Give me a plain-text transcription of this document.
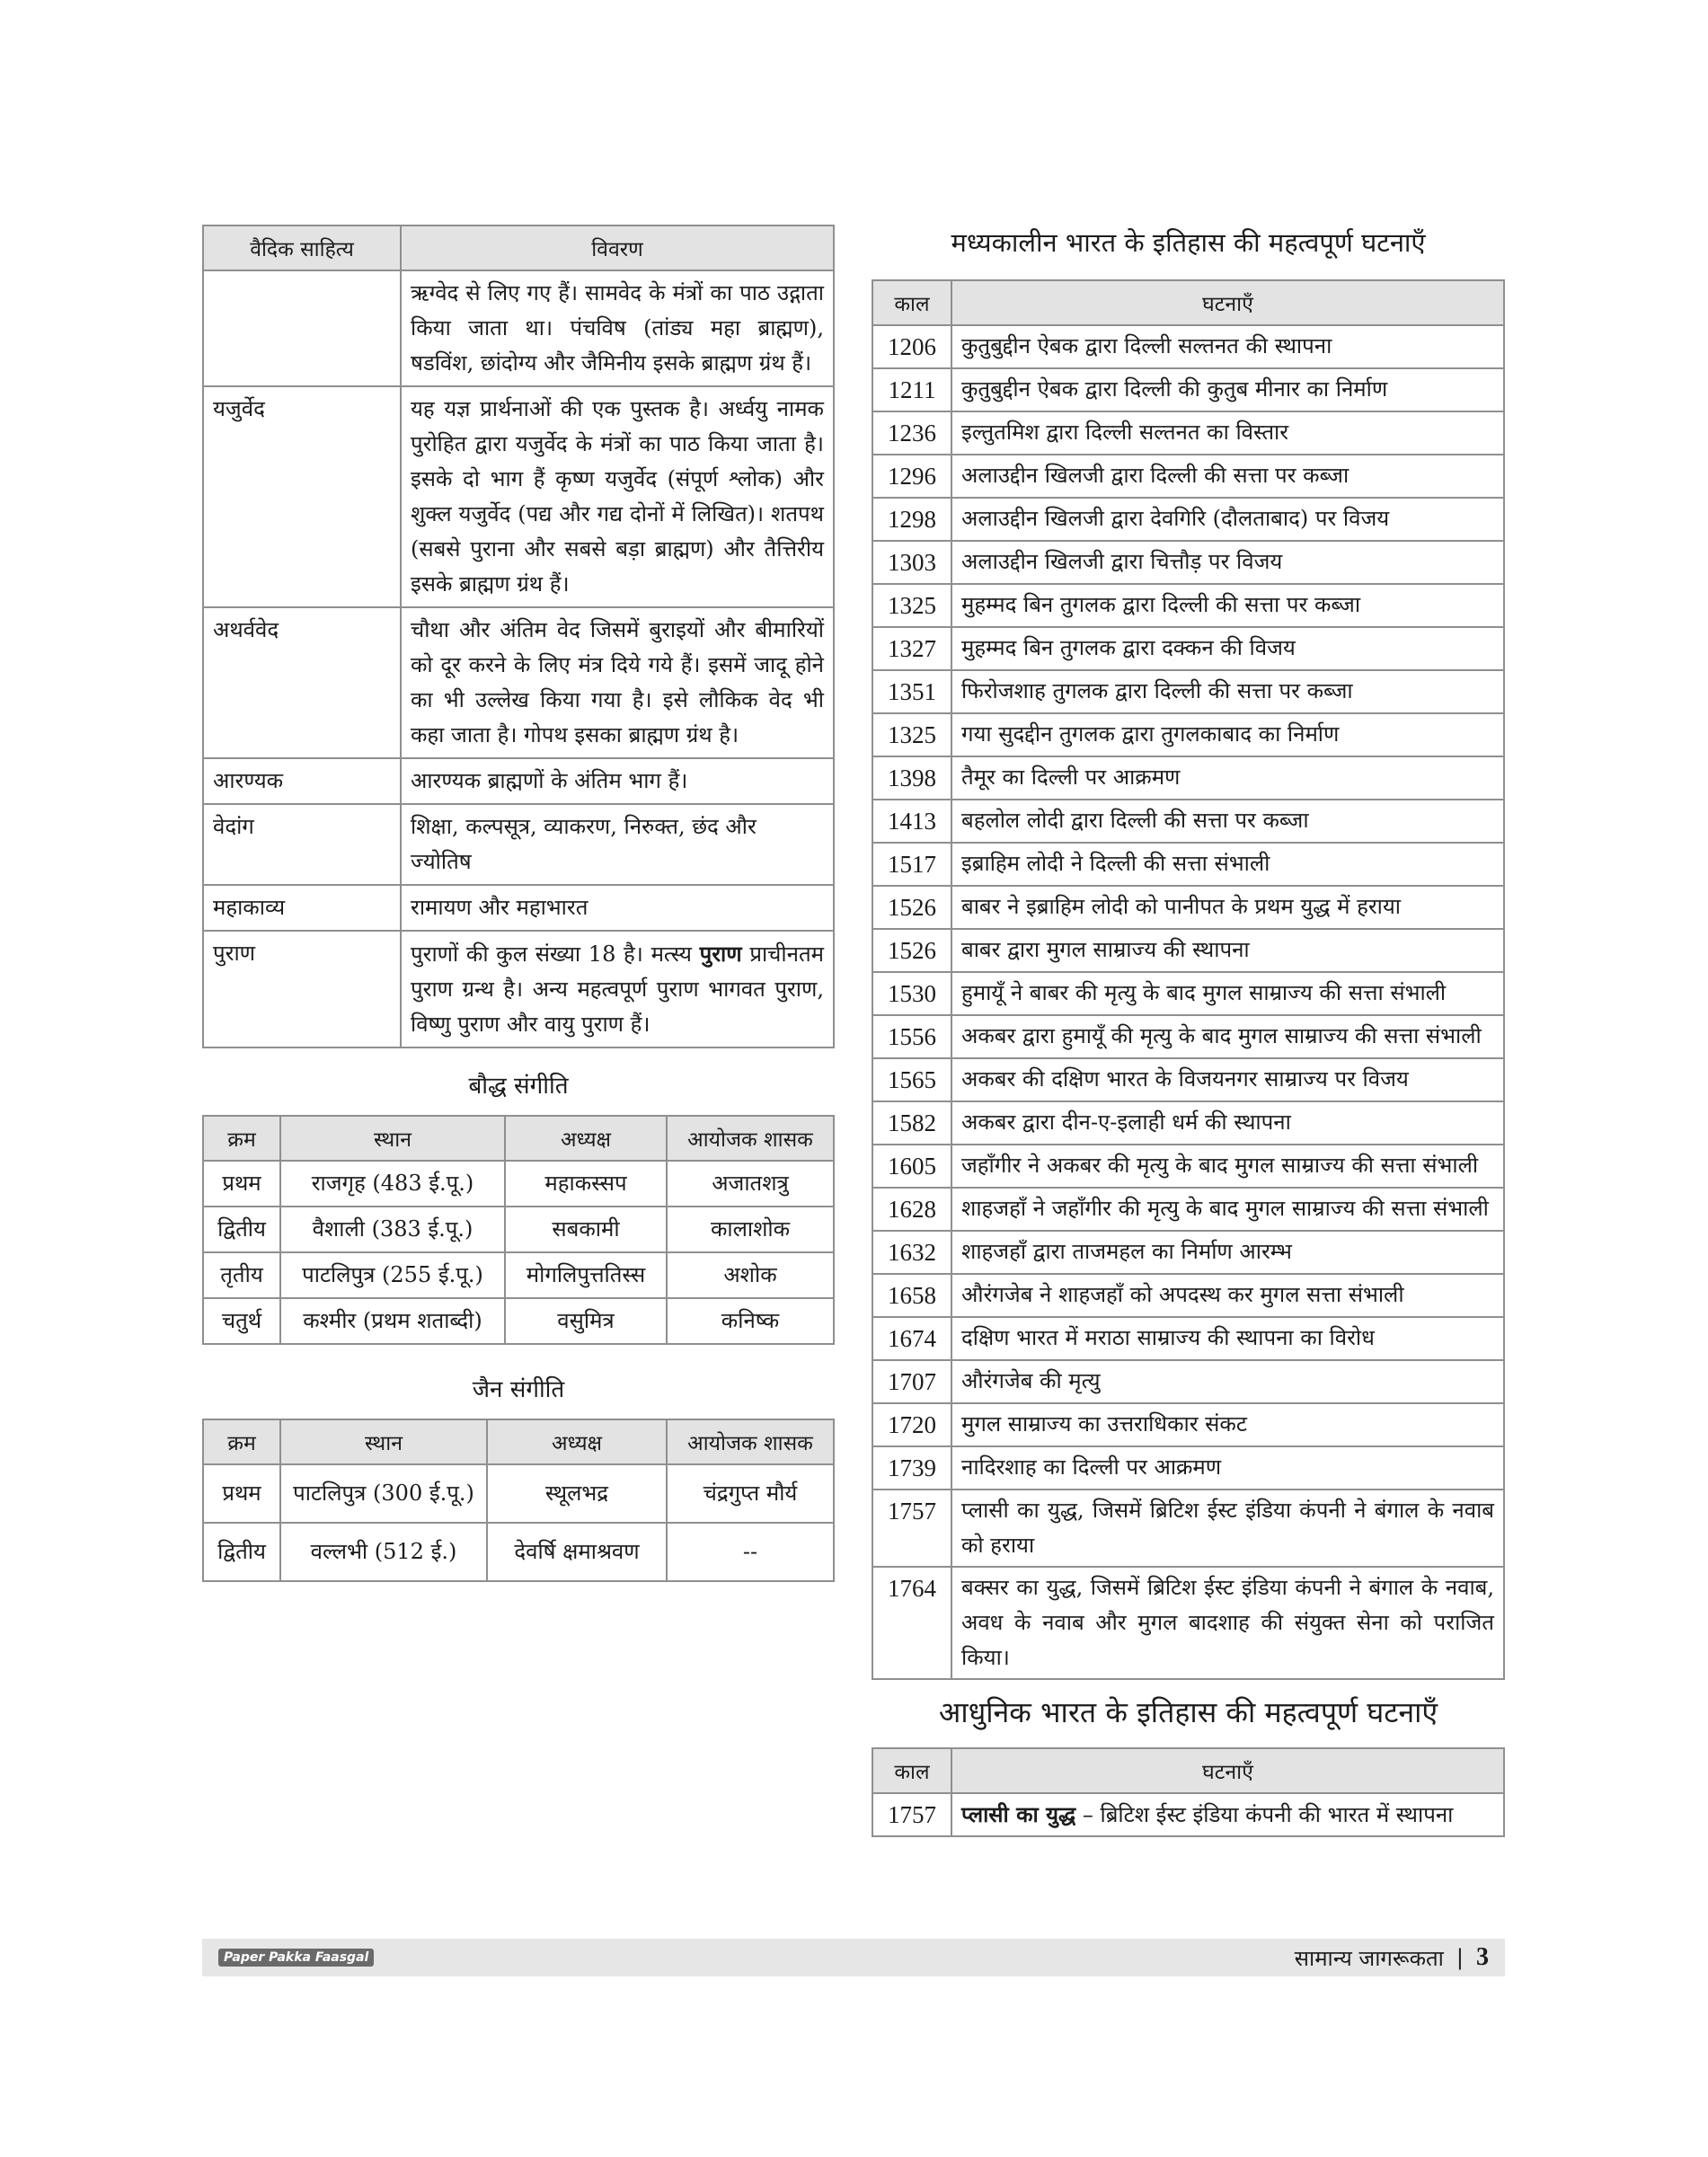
वैदिक साहित्य	विवरण
	ऋग्वेद से लिए गए हैं। सामवेद के मंत्रों का पाठ उद्गाता किया जाता था। पंचविष (तांड्य महा ब्राह्मण), षडविंश, छांदोग्य और जैमिनीय इसके ब्राह्मण ग्रंथ हैं।
यजुर्वेद	यह यज्ञ प्रार्थनाओं की एक पुस्तक है। अर्ध्वयु नामक पुरोहित द्वारा यजुर्वेद के मंत्रों का पाठ किया जाता है। इसके दो भाग हैं कृष्ण यजुर्वेद (संपूर्ण श्लोक) और शुक्ल यजुर्वेद (पद्य और गद्य दोनों में लिखित)। शतपथ (सबसे पुराना और सबसे बड़ा ब्राह्मण) और तैत्तिरीय इसके ब्राह्मण ग्रंथ हैं।
अथर्ववेद	चौथा और अंतिम वेद जिसमें बुराइयों और बीमारियों को दूर करने के लिए मंत्र दिये गये हैं। इसमें जादू होने का भी उल्लेख किया गया है। इसे लौकिक वेद भी कहा जाता है। गोपथ इसका ब्राह्मण ग्रंथ है।
आरण्यक	आरण्यक ब्राह्मणों के अंतिम भाग हैं।
वेदांग	शिक्षा, कल्पसूत्र, व्याकरण, निरुक्त, छंद और ज्योतिष
महाकाव्य	रामायण और महाभारत
पुराण	पुराणों की कुल संख्या 18 है। मत्स्य पुराण प्राचीनतम पुराण ग्रन्थ है। अन्य महत्वपूर्ण पुराण भागवत पुराण, विष्णु पुराण और वायु पुराण हैं।
बौद्ध संगीति
क्रम	स्थान	अध्यक्ष	आयोजक शासक
प्रथम	राजगृह (483 ई.पू.)	महाकस्सप	अजातशत्रु
द्वितीय	वैशाली (383 ई.पू.)	सबकामी	कालाशोक
तृतीय	पाटलिपुत्र (255 ई.पू.)	मोगलिपुत्ततिस्स	अशोक
चतुर्थ	कश्मीर (प्रथम शताब्दी)	वसुमित्र	कनिष्क
जैन संगीति
क्रम	स्थान	अध्यक्ष	आयोजक शासक
प्रथम	पाटलिपुत्र (300 ई.पू.)	स्थूलभद्र	चंद्रगुप्त मौर्य
द्वितीय	वल्लभी (512 ई.)	देवर्षि क्षमाश्रवण	--
मध्यकालीन भारत के इतिहास की महत्वपूर्ण घटनाएँ
काल	घटनाएँ
1206	कुतुबुद्दीन ऐबक द्वारा दिल्ली सल्तनत की स्थापना
1211	कुतुबुद्दीन ऐबक द्वारा दिल्ली की कुतुब मीनार का निर्माण
1236	इल्तुतमिश द्वारा दिल्ली सल्तनत का विस्तार
1296	अलाउद्दीन खिलजी द्वारा दिल्ली की सत्ता पर कब्जा
1298	अलाउद्दीन खिलजी द्वारा देवगिरि (दौलताबाद) पर विजय
1303	अलाउद्दीन खिलजी द्वारा चित्तौड़ पर विजय
1325	मुहम्मद बिन तुगलक द्वारा दिल्ली की सत्ता पर कब्जा
1327	मुहम्मद बिन तुगलक द्वारा दक्कन की विजय
1351	फिरोजशाह तुगलक द्वारा दिल्ली की सत्ता पर कब्जा
1325	गया सुदद्दीन तुगलक द्वारा तुगलकाबाद का निर्माण
1398	तैमूर का दिल्ली पर आक्रमण
1413	बहलोल लोदी द्वारा दिल्ली की सत्ता पर कब्जा
1517	इब्राहिम लोदी ने दिल्ली की सत्ता संभाली
1526	बाबर ने इब्राहिम लोदी को पानीपत के प्रथम युद्ध में हराया
1526	बाबर द्वारा मुगल साम्राज्य की स्थापना
1530	हुमायूँ ने बाबर की मृत्यु के बाद मुगल साम्राज्य की सत्ता संभाली
1556	अकबर द्वारा हुमायूँ की मृत्यु के बाद मुगल साम्राज्य की सत्ता संभाली
1565	अकबर की दक्षिण भारत के विजयनगर साम्राज्य पर विजय
1582	अकबर द्वारा दीन-ए-इलाही धर्म की स्थापना
1605	जहाँगीर ने अकबर की मृत्यु के बाद मुगल साम्राज्य की सत्ता संभाली
1628	शाहजहाँ ने जहाँगीर की मृत्यु के बाद मुगल साम्राज्य की सत्ता संभाली
1632	शाहजहाँ द्वारा ताजमहल का निर्माण आरम्भ
1658	औरंगजेब ने शाहजहाँ को अपदस्थ कर मुगल सत्ता संभाली
1674	दक्षिण भारत में मराठा साम्राज्य की स्थापना का विरोध
1707	औरंगजेब की मृत्यु
1720	मुगल साम्राज्य का उत्तराधिकार संकट
1739	नादिरशाह का दिल्ली पर आक्रमण
1757	प्लासी का युद्ध, जिसमें ब्रिटिश ईस्ट इंडिया कंपनी ने बंगाल के नवाब को हराया
1764	बक्सर का युद्ध, जिसमें ब्रिटिश ईस्ट इंडिया कंपनी ने बंगाल के नवाब, अवध के नवाब और मुगल बादशाह की संयुक्त सेना को पराजित किया।
आधुनिक भारत के इतिहास की महत्वपूर्ण घटनाएँ
काल	घटनाएँ
1757	प्लासी का युद्ध – ब्रिटिश ईस्ट इंडिया कंपनी की भारत में स्थापना
Paper Pakka Faasgal	सामान्य जागरूकता | 3
